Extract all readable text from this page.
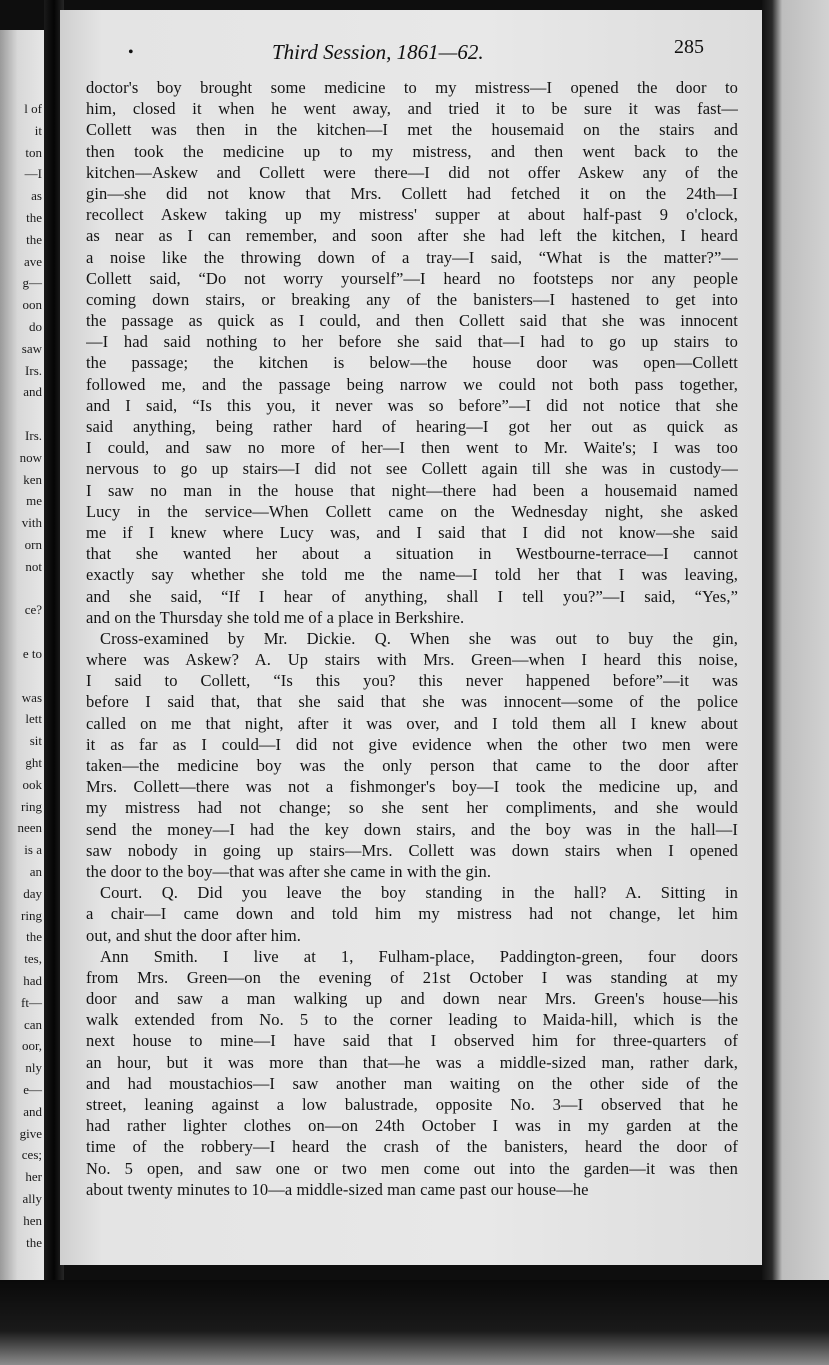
l of
it
ton
—I
as
the
the
ave
g—
oon
do
saw
Irs.
and
Irs.
now
ken
me
vith
orn
not
ce?
e to
was
lett
sit
ght
ook
ring
neen
is a
an
day
ring
the
tes,
had
ft—
can
oor,
nly
e—
and
give
ces;
her
ally
hen
the
•	Third Session, 1861—62.	285
doctor's boy brought some medicine to my mistress—I opened the door to
him, closed it when he went away, and tried it to be sure it was fast—
Collett was then in the kitchen—I met the housemaid on the stairs and
then took the medicine up to my mistress, and then went back to the
kitchen—Askew and Collett were there—I did not offer Askew any of the
gin—she did not know that Mrs. Collett had fetched it on the 24th—I
recollect Askew taking up my mistress' supper at about half-past 9 o'clock,
as near as I can remember, and soon after she had left the kitchen, I heard
a noise like the throwing down of a tray—I said, “What is the matter?”—
Collett said, “Do not worry yourself”—I heard no footsteps nor any people
coming down stairs, or breaking any of the banisters—I hastened to get into
the passage as quick as I could, and then Collett said that she was innocent
—I had said nothing to her before she said that—I had to go up stairs to
the passage; the kitchen is below—the house door was open—Collett
followed me, and the passage being narrow we could not both pass together,
and I said, “Is this you, it never was so before”—I did not notice that she
said anything, being rather hard of hearing—I got her out as quick as
I could, and saw no more of her—I then went to Mr. Waite's; I was too
nervous to go up stairs—I did not see Collett again till she was in custody—
I saw no man in the house that night—there had been a housemaid named
Lucy in the service—When Collett came on the Wednesday night, she asked
me if I knew where Lucy was, and I said that I did not know—she said
that she wanted her about a situation in Westbourne-terrace—I cannot
exactly say whether she told me the name—I told her that I was leaving,
and she said, “If I hear of anything, shall I tell you?”—I said, “Yes,”
and on the Thursday she told me of a place in Berkshire.
Cross-examined by Mr. Dickie. Q. When she was out to buy the gin,
where was Askew? A. Up stairs with Mrs. Green—when I heard this noise,
I said to Collett, “Is this you? this never happened before”—it was
before I said that, that she said that she was innocent—some of the police
called on me that night, after it was over, and I told them all I knew about
it as far as I could—I did not give evidence when the other two men were
taken—the medicine boy was the only person that came to the door after
Mrs. Collett—there was not a fishmonger's boy—I took the medicine up, and
my mistress had not change; so she sent her compliments, and she would
send the money—I had the key down stairs, and the boy was in the hall—I
saw nobody in going up stairs—Mrs. Collett was down stairs when I opened
the door to the boy—that was after she came in with the gin.
Court. Q. Did you leave the boy standing in the hall? A. Sitting in
a chair—I came down and told him my mistress had not change, let him
out, and shut the door after him.
Ann Smith. I live at 1, Fulham-place, Paddington-green, four doors
from Mrs. Green—on the evening of 21st October I was standing at my
door and saw a man walking up and down near Mrs. Green's house—his
walk extended from No. 5 to the corner leading to Maida-hill, which is the
next house to mine—I have said that I observed him for three-quarters of
an hour, but it was more than that—he was a middle-sized man, rather dark,
and had moustachios—I saw another man waiting on the other side of the
street, leaning against a low balustrade, opposite No. 3—I observed that he
had rather lighter clothes on—on 24th October I was in my garden at the
time of the robbery—I heard the crash of the banisters, heard the door of
No. 5 open, and saw one or two men come out into the garden—it was then
about twenty minutes to 10—a middle-sized man came past our house—he
